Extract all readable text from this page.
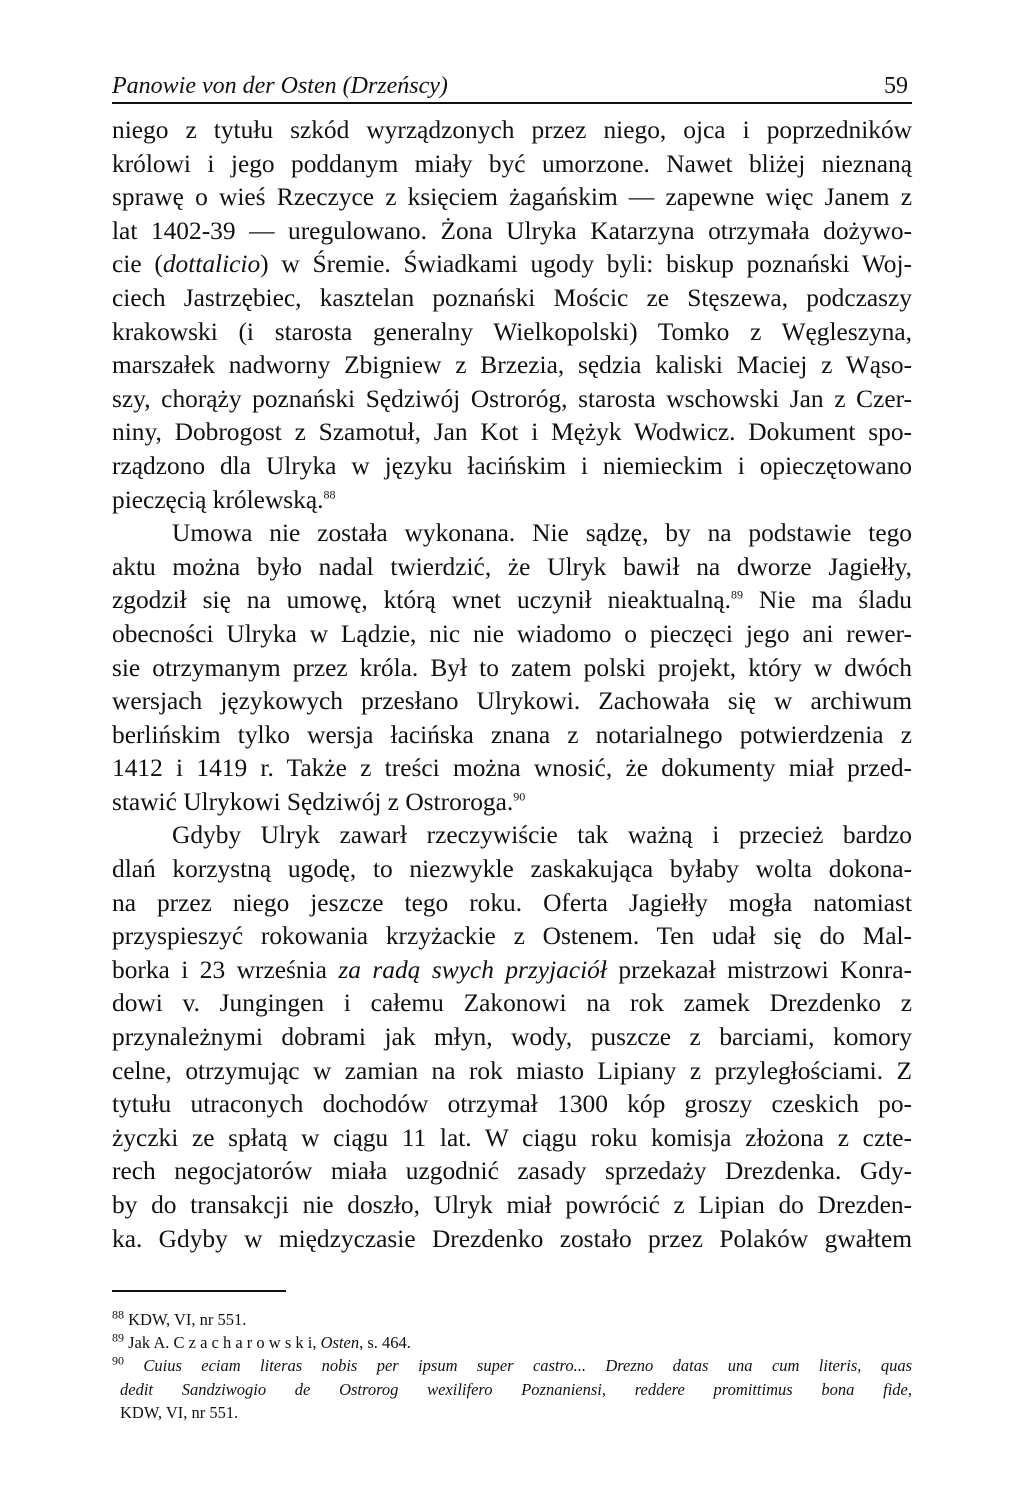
Panowie von der Osten (Drzeńscy)	59
niego z tytułu szkód wyrządzonych przez niego, ojca i poprzedników
królowi i jego poddanym miały być umorzone. Nawet bliżej nieznaną
sprawę o wieś Rzeczyce z księciem żagańskim — zapewne więc Janem z
lat 1402-39 — uregulowano. Żona Ulryka Katarzyna otrzymała dożywo-
cie (dottalicio) w Śremie. Świadkami ugody byli: biskup poznański Woj-
ciech Jastrzębiec, kasztelan poznański Mościc ze Stęszewa, podczaszy
krakowski (i starosta generalny Wielkopolski) Tomko z Węgleszyna,
marszałek nadworny Zbigniew z Brzezia, sędzia kaliski Maciej z Wąso-
szy, chorąży poznański Sędziwój Ostroróg, starosta wschowski Jan z Czer-
niny, Dobrogost z Szamotuł, Jan Kot i Mężyk Wodwicz. Dokument spo-
rządzono dla Ulryka w języku łacińskim i niemieckim i opieczętowano
pieczęcią królewską.$^{88}$
Umowa nie została wykonana. Nie sądzę, by na podstawie tego
aktu można było nadal twierdzić, że Ulryk bawił na dworze Jagiełły,
zgodził się na umowę, którą wnet uczynił nieaktualną.$^{89}$ Nie ma śladu
obecności Ulryka w Lądzie, nic nie wiadomo o pieczęci jego ani rewer-
sie otrzymanym przez króla. Był to zatem polski projekt, który w dwóch
wersjach językowych przesłano Ulrykowi. Zachowała się w archiwum
berlińskim tylko wersja łacińska znana z notarialnego potwierdzenia z
1412 i 1419 r. Także z treści można wnosić, że dokumenty miał przed-
stawić Ulrykowi Sędziwój z Ostroroga.$^{90}$
Gdyby Ulryk zawarł rzeczywiście tak ważną i przecież bardzo
dlań korzystną ugodę, to niezwykle zaskakująca byłaby wolta dokona-
na przez niego jeszcze tego roku. Oferta Jagiełły mogła natomiast
przyspieszyć rokowania krzyżackie z Ostenem. Ten udał się do Mal-
borka i 23 września za radą swych przyjaciół przekazał mistrzowi Konra-
dowi v. Jungingen i całemu Zakonowi na rok zamek Drezdenko z
przynależnymi dobrami jak młyn, wody, puszcze z barciami, komory
celne, otrzymując w zamian na rok miasto Lipiany z przyległościami. Z
tytułu utraconych dochodów otrzymał 1300 kóp groszy czeskich po-
życzki ze spłatą w ciągu 11 lat. W ciągu roku komisja złożona z czte-
rech negocjatorów miała uzgodnić zasady sprzedaży Drezdenka. Gdy-
by do transakcji nie doszło, Ulryk miał powrócić z Lipian do Drezden-
ka. Gdyby w międzyczasie Drezdenko zostało przez Polaków gwałtem
$^{88}$ KDW, VI, nr 551.
$^{89}$ Jak A. C z a c h a r o w s k i, Osten, s. 464.
$^{90}$ Cuius eciam literas nobis per ipsum super castro... Drezno datas una cum literis, quas
dedit Sandziwogio de Ostrorog wexilifero Poznaniensi, reddere promittimus bona fide,
KDW, VI, nr 551.
